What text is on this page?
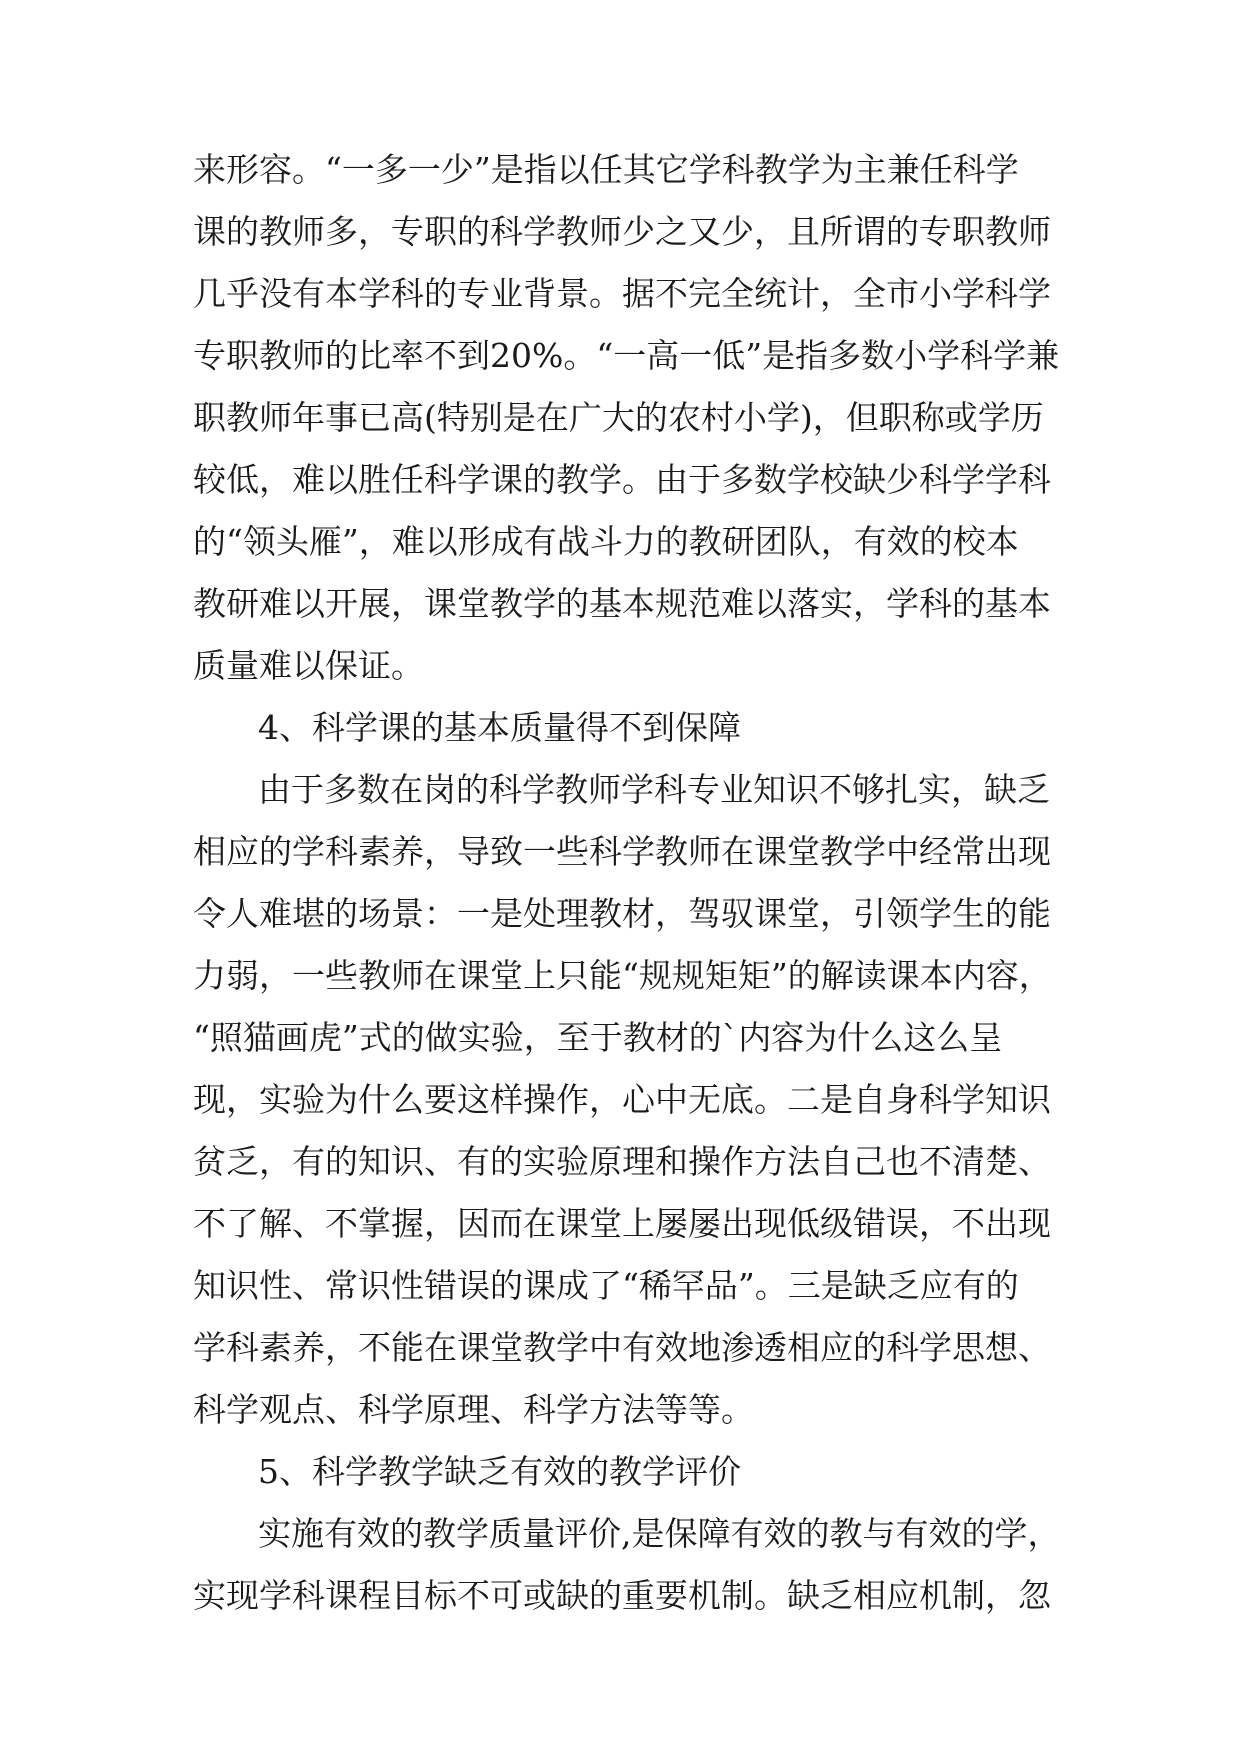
来形容。“一多一少”是指以任其它学科教学为主兼任科学
课的教师多，专职的科学教师少之又少，且所谓的专职教师
几乎没有本学科的专业背景。据不完全统计，全市小学科学
专职教师的比率不到20%。“一高一低”是指多数小学科学兼
职教师年事已高(特别是在广大的农村小学)，但职称或学历
较低，难以胜任科学课的教学。由于多数学校缺少科学学科
的“领头雁”，难以形成有战斗力的教研团队，有效的校本
教研难以开展，课堂教学的基本规范难以落实，学科的基本
质量难以保证。
4、科学课的基本质量得不到保障
由于多数在岗的科学教师学科专业知识不够扎实，缺乏
相应的学科素养，导致一些科学教师在课堂教学中经常出现
令人难堪的场景：一是处理教材，驾驭课堂，引领学生的能
力弱，一些教师在课堂上只能“规规矩矩”的解读课本内容，
“照猫画虎”式的做实验，至于教材的`内容为什么这么呈
现，实验为什么要这样操作，心中无底。二是自身科学知识
贫乏，有的知识、有的实验原理和操作方法自己也不清楚、
不了解、不掌握，因而在课堂上屡屡出现低级错误，不出现
知识性、常识性错误的课成了“稀罕品”。三是缺乏应有的
学科素养，不能在课堂教学中有效地渗透相应的科学思想、
科学观点、科学原理、科学方法等等。
5、科学教学缺乏有效的教学评价
实施有效的教学质量评价,是保障有效的教与有效的学，
实现学科课程目标不可或缺的重要机制。缺乏相应机制，忽
